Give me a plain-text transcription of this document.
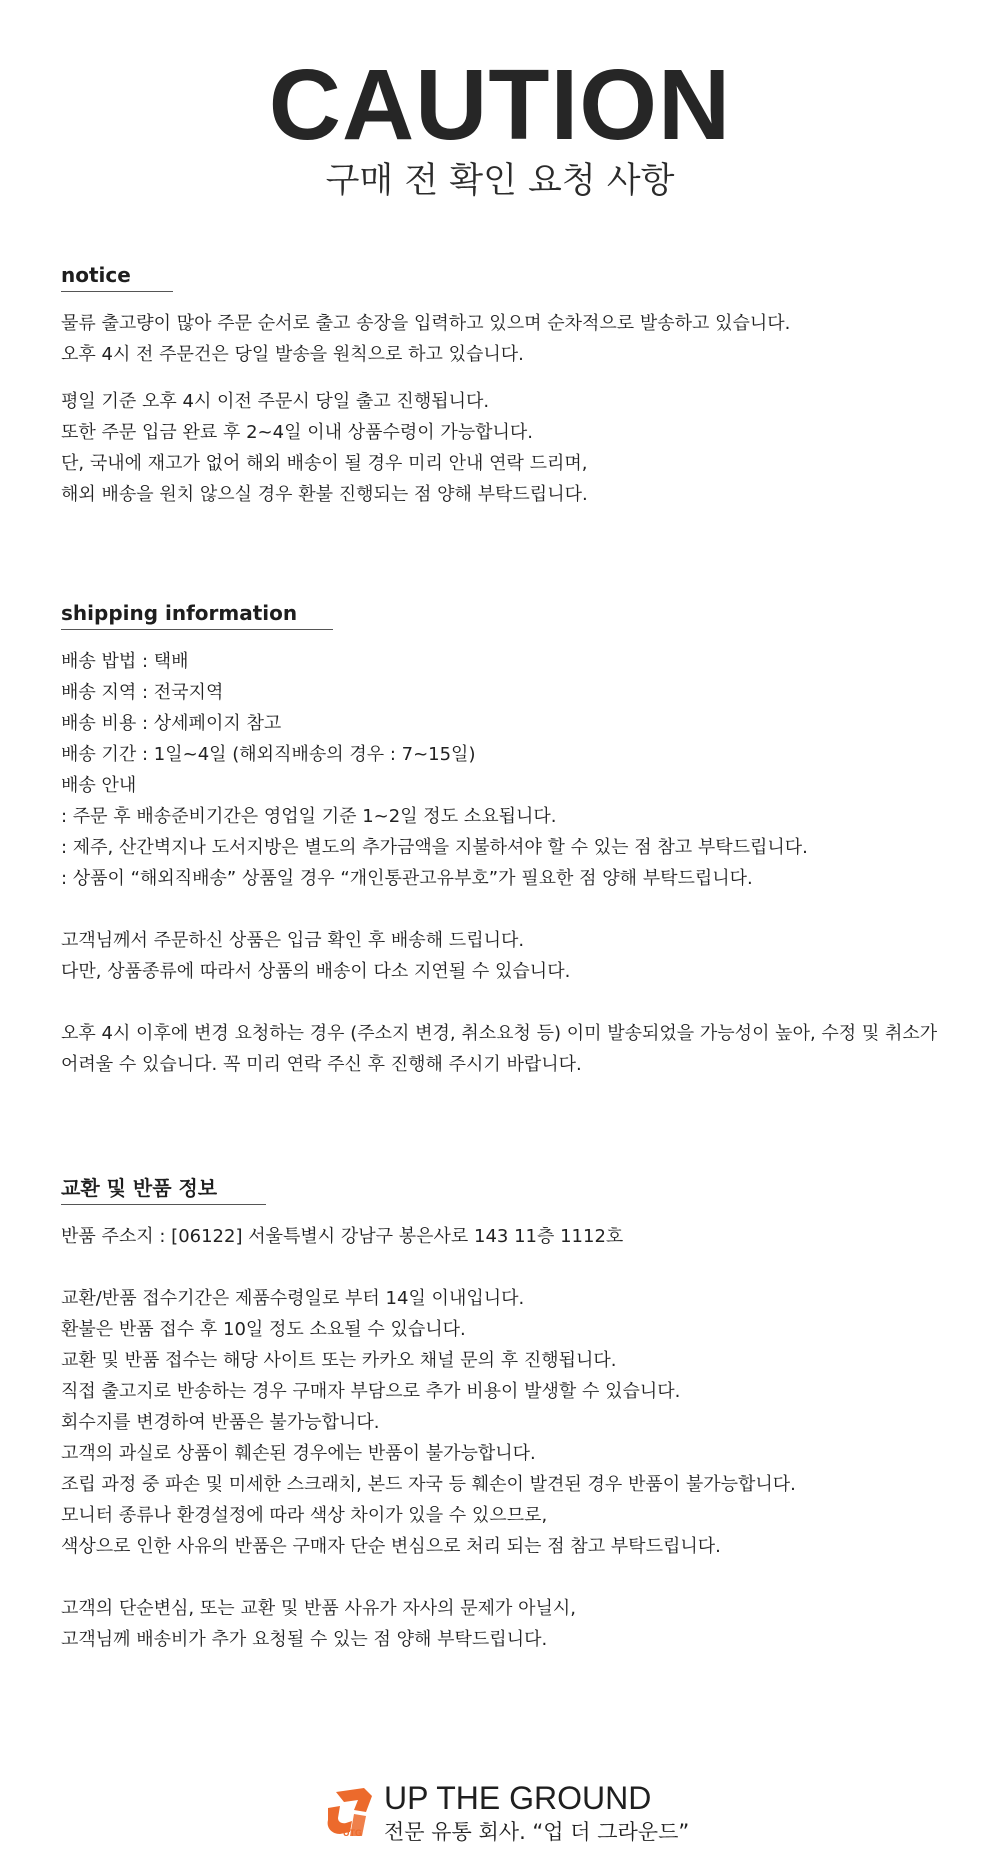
CAUTION
구매 전 확인 요청 사항
notice

물류 출고량이 많아 주문 순서로 출고 송장을 입력하고 있으며 순차적으로 발송하고 있습니다.

오후 4시 전 주문건은 당일 발송을 원칙으로 하고 있습니다.

평일 기준 오후 4시 이전 주문시 당일 출고 진행됩니다.

또한 주문 입금 완료 후 2~4일 이내 상품수령이 가능합니다.

단, 국내에 재고가 없어 해외 배송이 될 경우 미리 안내 연락 드리며,

해외 배송을 원치 않으실 경우 환불 진행되는 점 양해 부탁드립니다.

shipping information

배송 밥법 : 택배

배송 지역 : 전국지역

배송 비용 : 상세페이지 참고

배송 기간 : 1일~4일 (해외직배송의 경우 : 7~15일)

배송 안내

: 주문 후 배송준비기간은 영업일 기준 1~2일 정도 소요됩니다.

: 제주, 산간벽지나 도서지방은 별도의 추가금액을 지불하셔야 할 수 있는 점 참고 부탁드립니다.

: 상품이 “해외직배송” 상품일 경우 “개인통관고유부호”가 필요한 점 양해 부탁드립니다.

고객님께서 주문하신 상품은 입금 확인 후 배송해 드립니다.

다만, 상품종류에 따라서 상품의 배송이 다소 지연될 수 있습니다.

오후 4시 이후에 변경 요청하는 경우 (주소지 변경, 취소요청 등) 이미 발송되었을 가능성이 높아, 수정 및 취소가

어려울 수 있습니다. 꼭 미리 연락 주신 후 진행해 주시기 바랍니다.

교환 및 반품 정보

반품 주소지 : [06122] 서울특별시 강남구 봉은사로 143 11층 1112호

교환/반품 접수기간은 제품수령일로 부터 14일 이내입니다.

환불은 반품 접수 후 10일 정도 소요될 수 있습니다.

교환 및 반품 접수는 해당 사이트 또는 카카오 채널 문의 후 진행됩니다.

직접 출고지로 반송하는 경우 구매자 부담으로 추가 비용이 발생할 수 있습니다.

회수지를 변경하여 반품은 불가능합니다.

고객의 과실로 상품이 훼손된 경우에는 반품이 불가능합니다.

조립 과정 중 파손 및 미세한 스크래치, 본드 자국 등 훼손이 발견된 경우 반품이 불가능합니다.

모니터 종류나 환경설정에 따라 색상 차이가 있을 수 있으므로,

색상으로 인한 사유의 반품은 구매자 단순 변심으로 처리 되는 점 참고 부탁드립니다.

고객의 단순변심, 또는 교환 및 반품 사유가 자사의 문제가 아닐시,

고객님께 배송비가 추가 요청될 수 있는 점 양해 부탁드립니다.

UTG
UP THE GROUND
전문 유통 회사. “업 더 그라운드”
